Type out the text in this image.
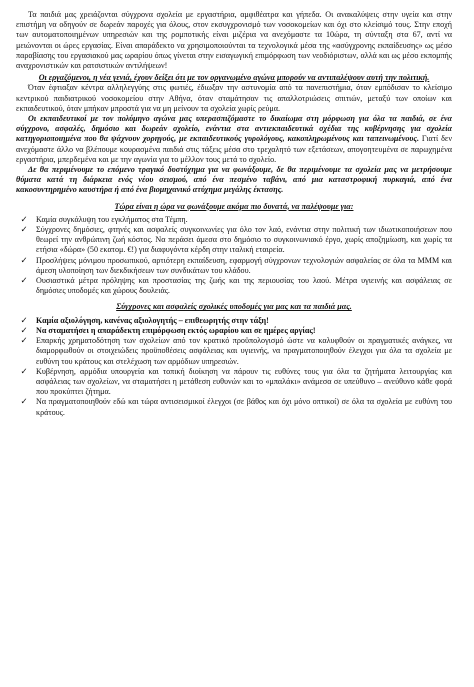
Τα παιδιά μας χρειάζονται σύγχρονα σχολεία με εργαστήρια, αμφιθέατρα και γήπεδα. Οι ανακαλύψεις στην υγεία και στην επιστήμη να οδηγούν σε δωρεάν παροχές για όλους, στον εκσυγχρονισμό των νοσοκομείων και όχι στο κλείσιμό τους. Στην εποχή των αυτοματοποιημένων υπηρεσιών και της ρομποτικής είναι μιζέρια να ανεχόμαστε τα 10ώρα, τη σύνταξη στα 67, αντί να μειώνονται οι ώρες εργασίας. Είναι απαράδεκτο να χρησιμοποιούνται τα τεχνολογικά μέσα της «ασύγχρονης εκπαίδευσης» ως μέσο παραβίασης του εργασιακού μας ωραρίου όπως γίνεται στην εισαγωγική επιμόρφωση των νεοδιόριστων, αλλά και ως μέσο εκπομπής αναχρονιστικών και ρατσιστικών αντιλήψεων!

Οι εργαζόμενοι, η νέα γενιά, έχουν δείξει ότι με τον οργανωμένο αγώνα μπορούν να αντιπαλέψουν αυτή την πολιτική.

Όταν έφτιαξαν κέντρα αλληλεγγύης στις φωτιές, έδιωξαν την αστυνομία από τα πανεπιστήμια, όταν εμπόδισαν το κλείσιμο κεντρικού παιδιατρικού νοσοκομείου στην Αθήνα, όταν σταμάτησαν τις απαλλοτριώσεις σπιτιών, μεταξύ των οποίων και εκπαιδευτικού, όταν μπήκαν μπροστά για να μη μείνουν τα σχολεία χωρίς ρεύμα.

Οι εκπαιδευτικοί με τον πολύμηνο αγώνα μας υπερασπιζόμαστε το δικαίωμα στη μόρφωση για όλα τα παιδιά, σε ένα σύγχρονο, ασφαλές, δημόσιο και δωρεάν σχολείο, ενάντια στα αντιεκπαιδευτικά σχέδια της κυβέρνησης για σχολεία κατηγοριοποιημένα που θα ψάχνουν χορηγούς, με εκπαιδευτικούς γυρολόγους, κακοπληρωμένους και ταπεινωμένους. Γιατί δεν ανεχόμαστε άλλο να βλέπουμε κουρασμένα παιδιά στις τάξεις μέσα στο τρεχαλητό των εξετάσεων, απογοητευμένα σε παρωχημένα εργαστήρια, μπερδεμένα και με την αγωνία για το μέλλον τους μετά το σχολείο.

Δε θα περιμένουμε το επόμενο τραγικό δυστύχημα για να φωνάξουμε, δε θα περιμένουμε τα σχολεία μας να μετρήσουμε θύματα κατά τη διάρκεια ενός νέου σεισμού, από ένα πεσμένο ταβάνι, από μια καταστροφική πυρκαγιά, από ένα κακοσυντηρημένο καυστήρα ή από ένα βιομηχανικό ατύχημα μεγάλης έκτασης.

Τώρα είναι η ώρα να φωνάξουμε ακόμα πιο δυνατά, να παλέψουμε για:

✓	Καμία συγκάλυψη του εγκλήματος στα Τέμπη.
✓	Σύγχρονες δημόσιες, φτηνές και ασφαλείς συγκοινωνίες για όλο τον λαό, ενάντια στην πολιτική των ιδιωτικοποιήσεων που θεωρεί την ανθρώπινη ζωή κόστος. Να περάσει άμεσα στο δημόσιο το συγκοινωνιακό έργο, χωρίς αποζημίωση, και χωρίς τα ετήσια «δώρα» (50 εκατομ. €!) για διαφυγόντα κέρδη στην ιταλική εταιρεία.
✓	Προσλήψεις μόνιμου προσωπικού, αρτιότερη εκπαίδευση, εφαρμογή σύγχρονων τεχνολογιών ασφαλείας σε όλα τα ΜΜΜ και άμεση υλοποίηση των διεκδικήσεων των συνδικάτων του κλάδου.
✓	Ουσιαστικά μέτρα πρόληψης και προστασίας της ζωής και της περιουσίας του λαού. Μέτρα υγιεινής και ασφάλειας σε δημόσιες υποδομές και χώρους δουλειάς.

Σύγχρονες και ασφαλείς σχολικές υποδομές για μας και τα παιδιά μας.

✓	Καμία αξιολόγηση, κανένας αξιολογητής – επιθεωρητής στην τάξη!
✓	Να σταματήσει η απαράδεκτη επιμόρφωση εκτός ωραρίου και σε ημέρες αργίας!
✓	Επαρκής χρηματοδότηση των σχολείων από τον κρατικό προϋπολογισμό ώστε να καλυφθούν οι πραγματικές ανάγκες, να διαμορφωθούν οι στοιχειώδεις προϋποθέσεις ασφάλειας και υγιεινής, να πραγματοποιηθούν έλεγχοι για όλα τα σχολεία με ευθύνη του κράτους και στελέχωση των αρμόδιων υπηρεσιών.
✓	Κυβέρνηση, αρμόδια υπουργεία και τοπική διοίκηση να πάρουν τις ευθύνες τους για όλα τα ζητήματα λειτουργίας και ασφάλειας των σχολείων, να σταματήσει η μετάθεση ευθυνών και το «μπαλάκι» ανάμεσα σε υπεύθυνο – ανεύθυνο κάθε φορά που προκύπτει ζήτημα.
✓	Να πραγματοποιηθούν εδώ και τώρα αντισεισμικοί έλεγχοι (σε βάθος και όχι μόνο οπτικοί) σε όλα τα σχολεία με ευθύνη του κράτους.
